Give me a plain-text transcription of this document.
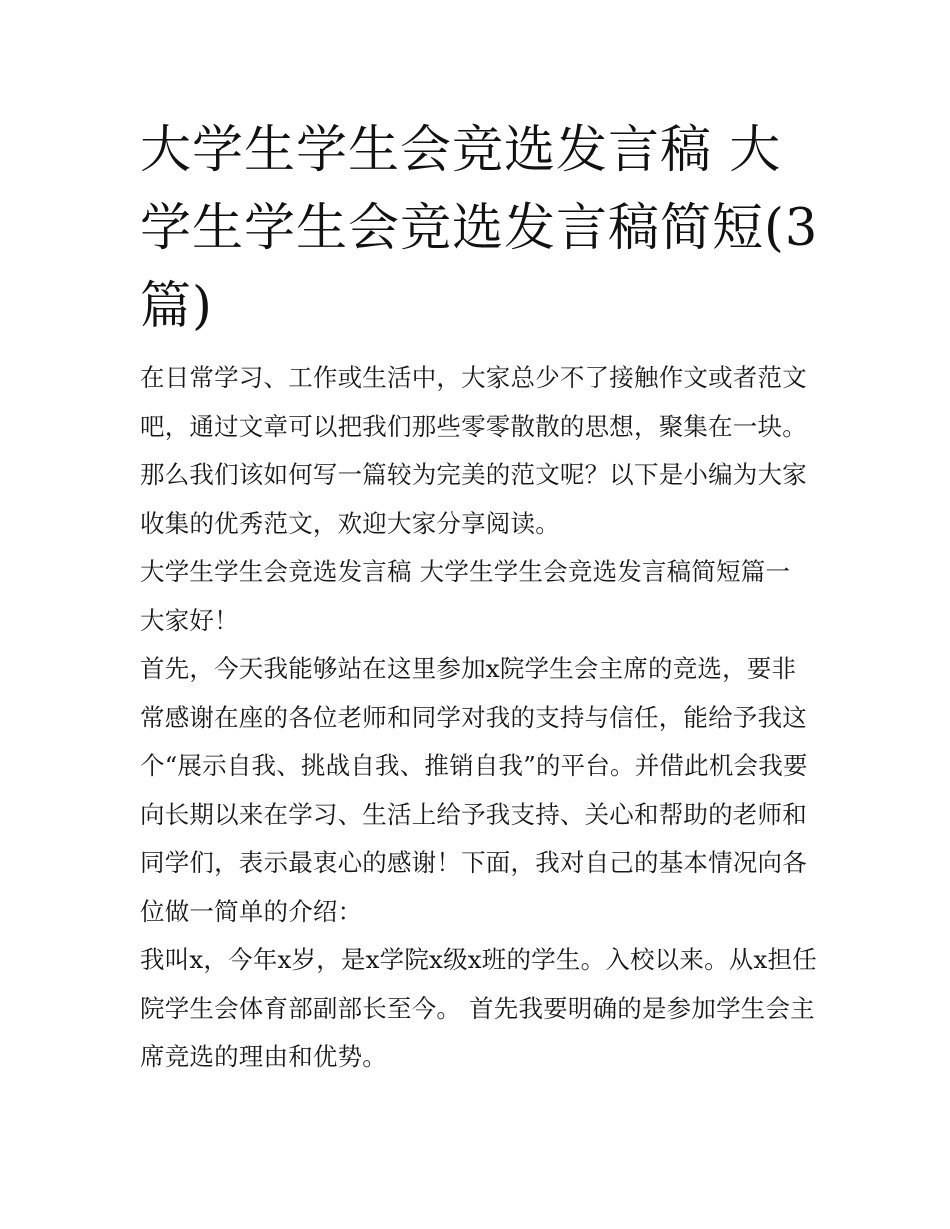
大学生学生会竞选发言稿 大学生学生会竞选发言稿简短(3篇)

在日常学习、工作或生活中，大家总少不了接触作文或者范文吧，通过文章可以把我们那些零零散散的思想，聚集在一块。那么我们该如何写一篇较为完美的范文呢？以下是小编为大家收集的优秀范文，欢迎大家分享阅读。

大学生学生会竞选发言稿 大学生学生会竞选发言稿简短篇一

大家好！

首先，今天我能够站在这里参加x院学生会主席的竞选，要非常感谢在座的各位老师和同学对我的支持与信任，能给予我这个“展示自我、挑战自我、推销自我”的平台。并借此机会我要向长期以来在学习、生活上给予我支持、关心和帮助的老师和同学们，表示最衷心的感谢！下面，我对自己的基本情况向各位做一简单的介绍：

我叫x，今年x岁，是x学院x级x班的学生。入校以来。从x担任院学生会体育部副部长至今。 首先我要明确的是参加学生会主席竞选的理由和优势。
